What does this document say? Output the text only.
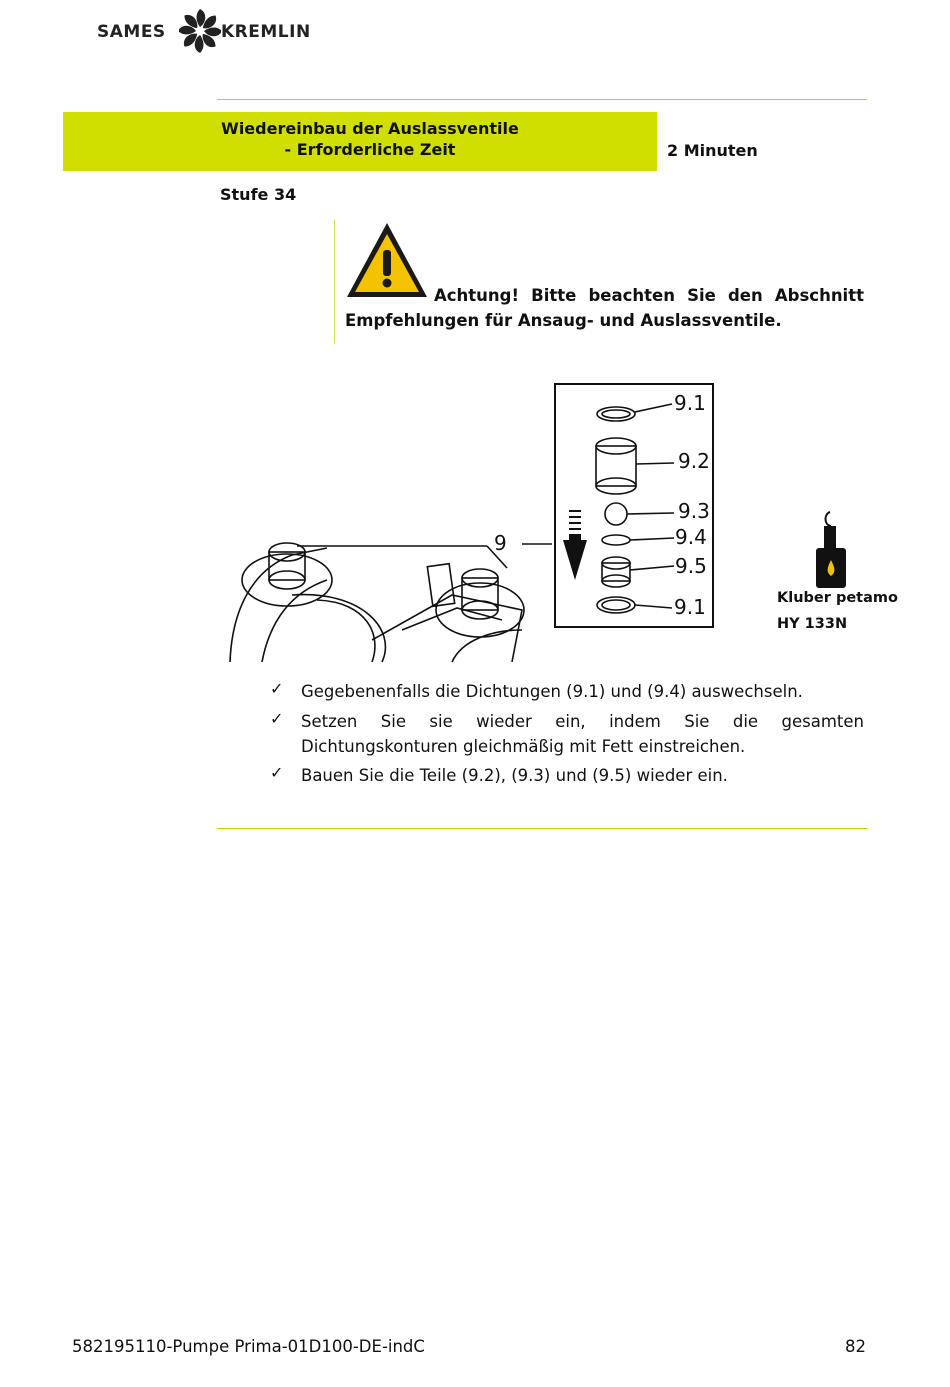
SAMES	KREMLIN
Wiedereinbau der Auslassventile
- Erforderliche Zeit	2 Minuten
Stufe 34
Achtung! Bitte beachten Sie den Abschnitt
Empfehlungen für Ansaug- und Auslassventile.
9
9.1
9.2
9.3
9.4
9.5
9.1	Kluber petamo
HY 133N
✓ Gegebenenfalls die Dichtungen (9.1) und (9.4) auswechseln.
✓ Setzen Sie sie wieder ein, indem Sie die gesamten
Dichtungskonturen gleichmäßig mit Fett einstreichen.
✓ Bauen Sie die Teile (9.2), (9.3) und (9.5) wieder ein.
582195110-Pumpe Prima-01D100-DE-indC	82
